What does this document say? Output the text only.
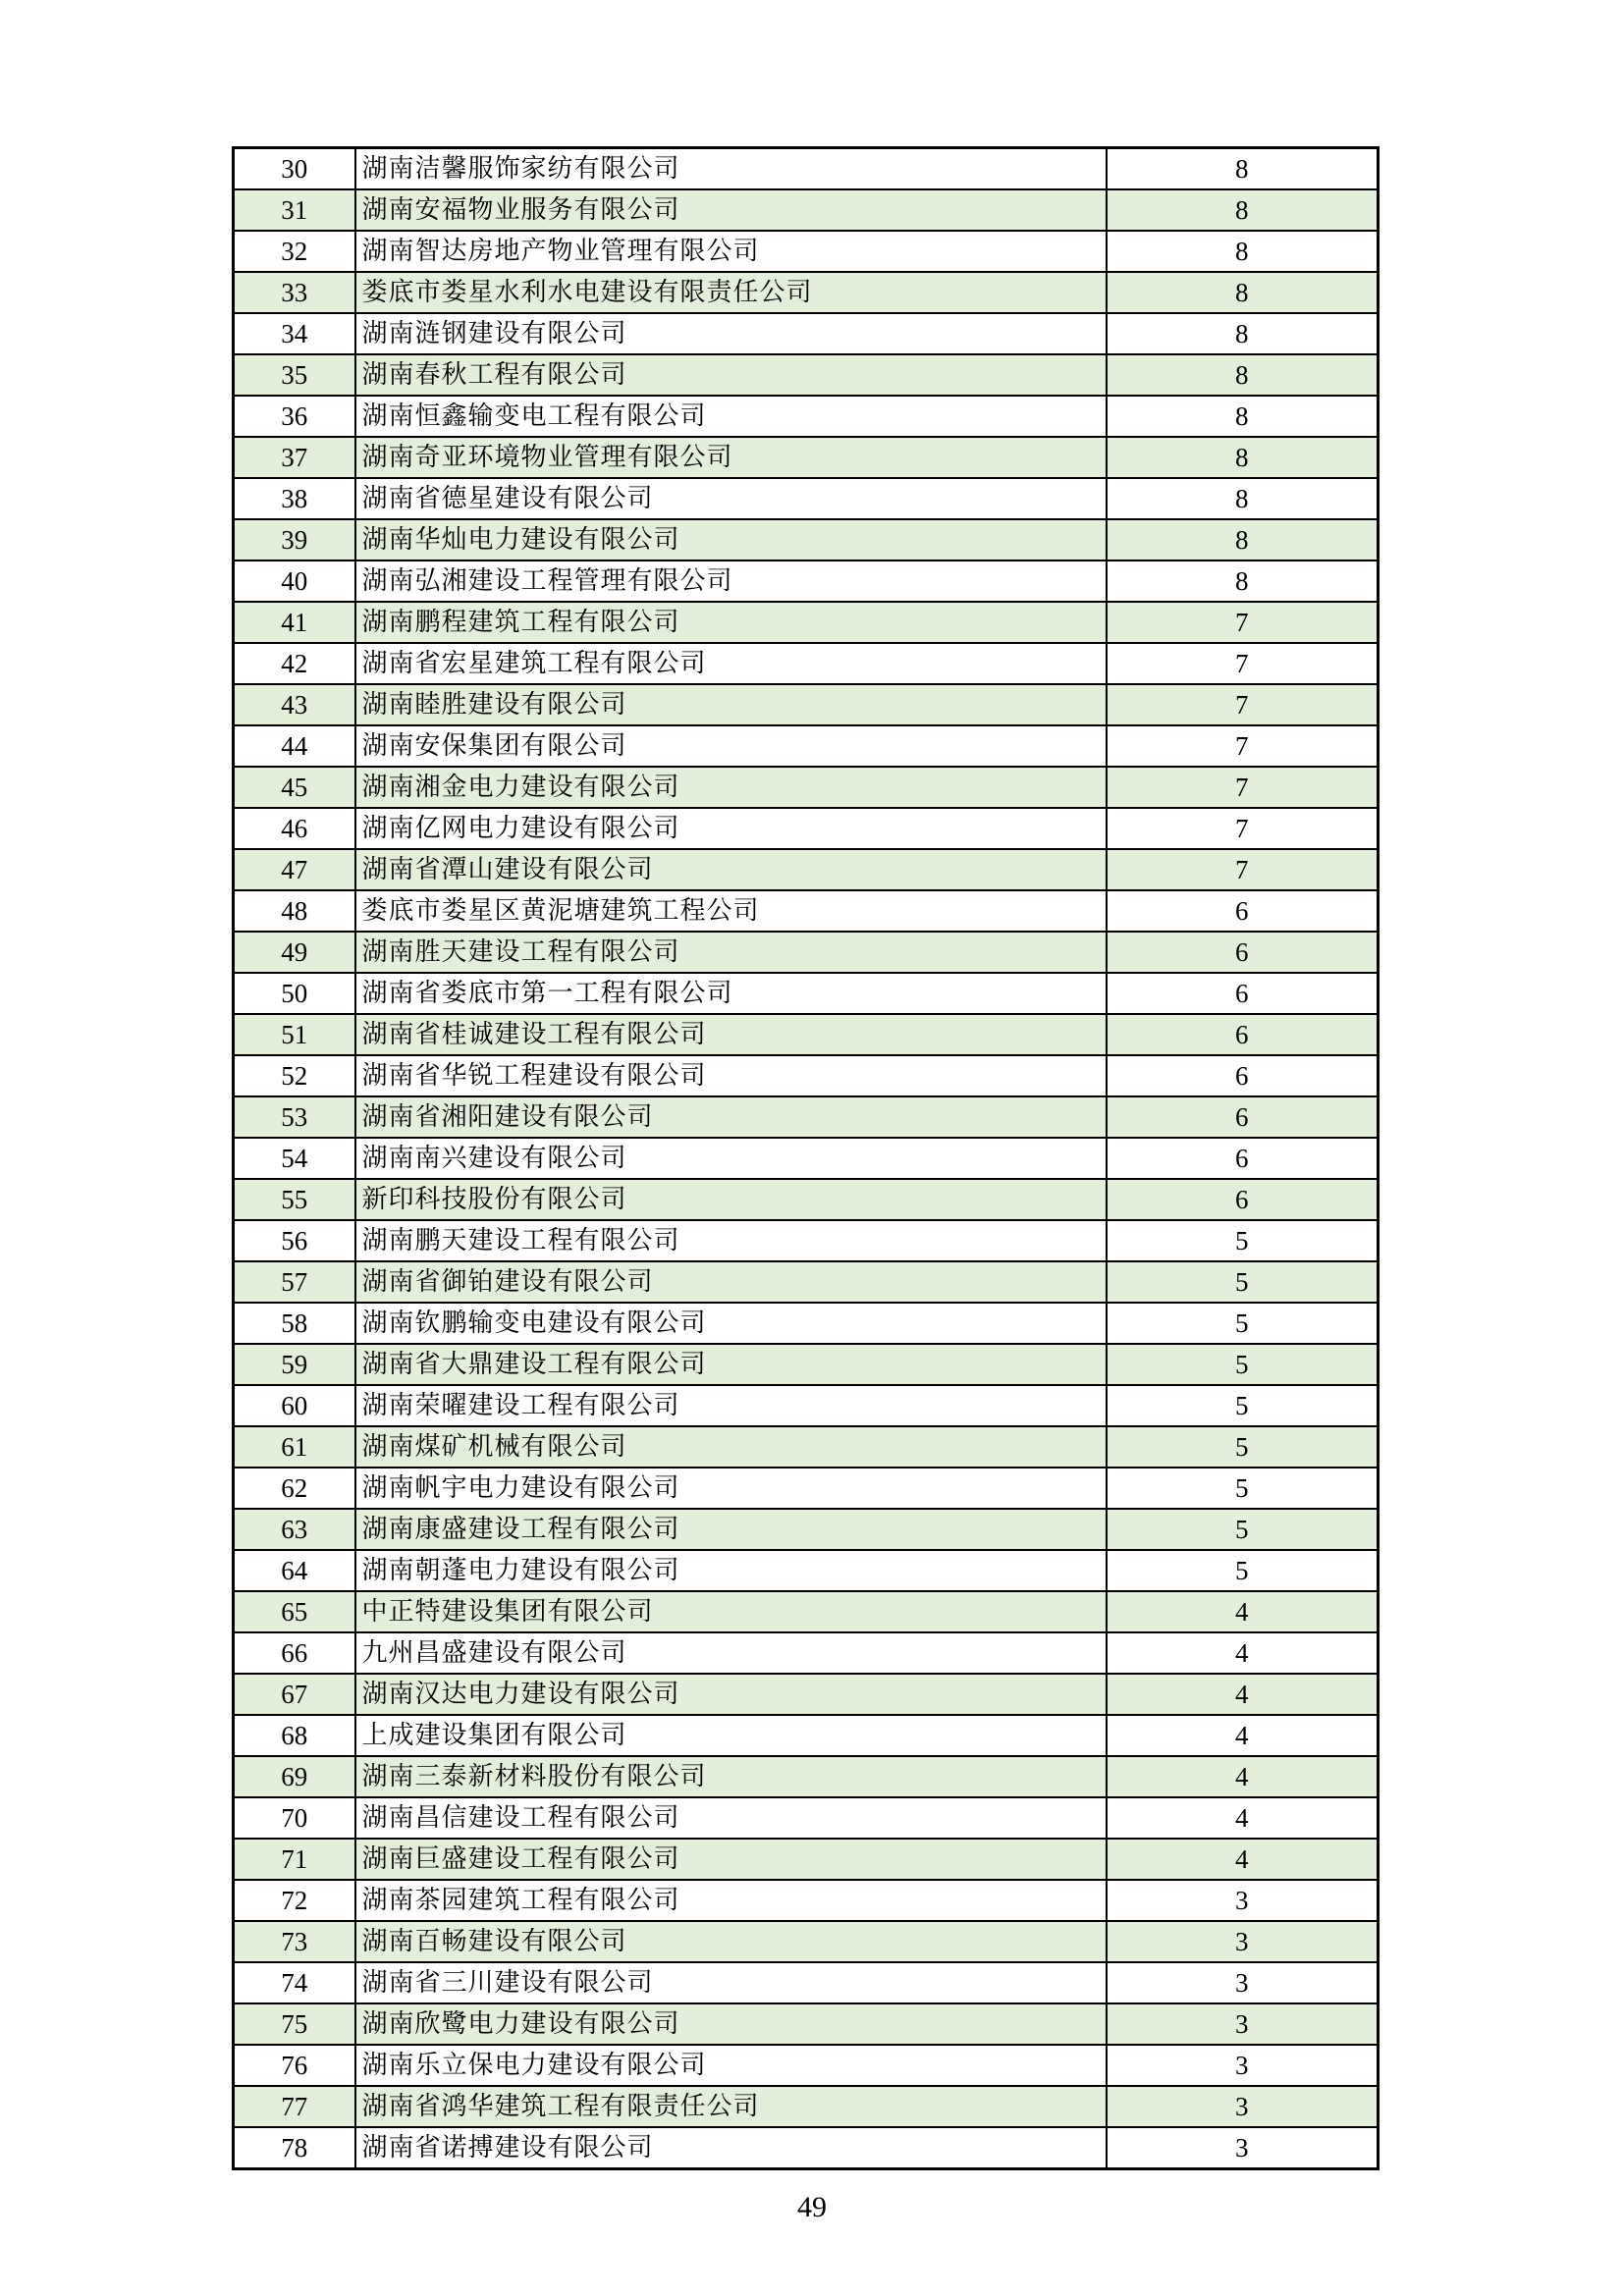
30	湖南洁馨服饰家纺有限公司	8
31	湖南安福物业服务有限公司	8
32	湖南智达房地产物业管理有限公司	8
33	娄底市娄星水利水电建设有限责任公司	8
34	湖南涟钢建设有限公司	8
35	湖南春秋工程有限公司	8
36	湖南恒鑫输变电工程有限公司	8
37	湖南奇亚环境物业管理有限公司	8
38	湖南省德星建设有限公司	8
39	湖南华灿电力建设有限公司	8
40	湖南弘湘建设工程管理有限公司	8
41	湖南鹏程建筑工程有限公司	7
42	湖南省宏星建筑工程有限公司	7
43	湖南睦胜建设有限公司	7
44	湖南安保集团有限公司	7
45	湖南湘金电力建设有限公司	7
46	湖南亿网电力建设有限公司	7
47	湖南省潭山建设有限公司	7
48	娄底市娄星区黄泥塘建筑工程公司	6
49	湖南胜天建设工程有限公司	6
50	湖南省娄底市第一工程有限公司	6
51	湖南省桂诚建设工程有限公司	6
52	湖南省华锐工程建设有限公司	6
53	湖南省湘阳建设有限公司	6
54	湖南南兴建设有限公司	6
55	新印科技股份有限公司	6
56	湖南鹏天建设工程有限公司	5
57	湖南省御铂建设有限公司	5
58	湖南钦鹏输变电建设有限公司	5
59	湖南省大鼎建设工程有限公司	5
60	湖南荣曜建设工程有限公司	5
61	湖南煤矿机械有限公司	5
62	湖南帆宇电力建设有限公司	5
63	湖南康盛建设工程有限公司	5
64	湖南朝蓬电力建设有限公司	5
65	中正特建设集团有限公司	4
66	九州昌盛建设有限公司	4
67	湖南汉达电力建设有限公司	4
68	上成建设集团有限公司	4
69	湖南三泰新材料股份有限公司	4
70	湖南昌信建设工程有限公司	4
71	湖南巨盛建设工程有限公司	4
72	湖南茶园建筑工程有限公司	3
73	湖南百畅建设有限公司	3
74	湖南省三川建设有限公司	3
75	湖南欣鹭电力建设有限公司	3
76	湖南乐立保电力建设有限公司	3
77	湖南省鸿华建筑工程有限责任公司	3
78	湖南省诺搏建设有限公司	3
49
